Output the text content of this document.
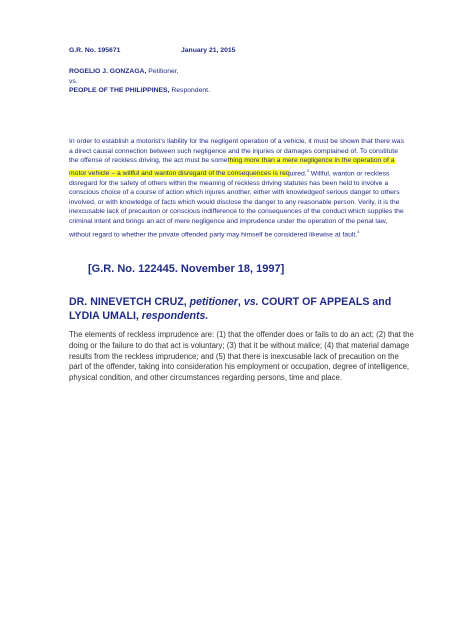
G.R. No. 195671	January 21, 2015
ROGELIO J. GONZAGA, Petitioner,
vs.
PEOPLE OF THE PHILIPPINES, Respondent.
In order to establish a motorist’s liability for the negligent operation of a vehicle, it must be shown that there was a direct causal connection between such negligence and the injuries or damages complained of. To constitute the offense of reckless driving, the act must be something more than a mere negligence in the operation of a motor vehicle – a willful and wanton disregard of the consequences is required.$^3$ Willful, wanton or reckless disregard for the safety of others within the meaning of reckless driving statutes has been held to involve a conscious choice of a course of action which injures another, either with knowledgeof serious danger to others involved, or with knowledge of facts which would disclose the danger to any reasonable person. Verily, it is the inexcusable lack of precaution or conscious indifference to the consequences of the conduct which supplies the criminal intent and brings an act of mere negligence and imprudence under the operation of the penal law, without regard to whether the private offended party may himself be considered likewise at fault.$^4$
[G.R. No. 122445. November 18, 1997]
DR. NINEVETCH CRUZ, petitioner, vs. COURT OF APPEALS and LYDIA UMALI, respondents.
The elements of reckless imprudence are: (1) that the offender does or fails to do an act; (2) that the doing or the failure to do that act is voluntary; (3) that it be without malice; (4) that material damage results from the reckless imprudence; and (5) that there is inexcusable lack of precaution on the part of the offender, taking into consideration his employment or occupation, degree of intelligence, physical condition, and other circumstances regarding persons, time and place.
